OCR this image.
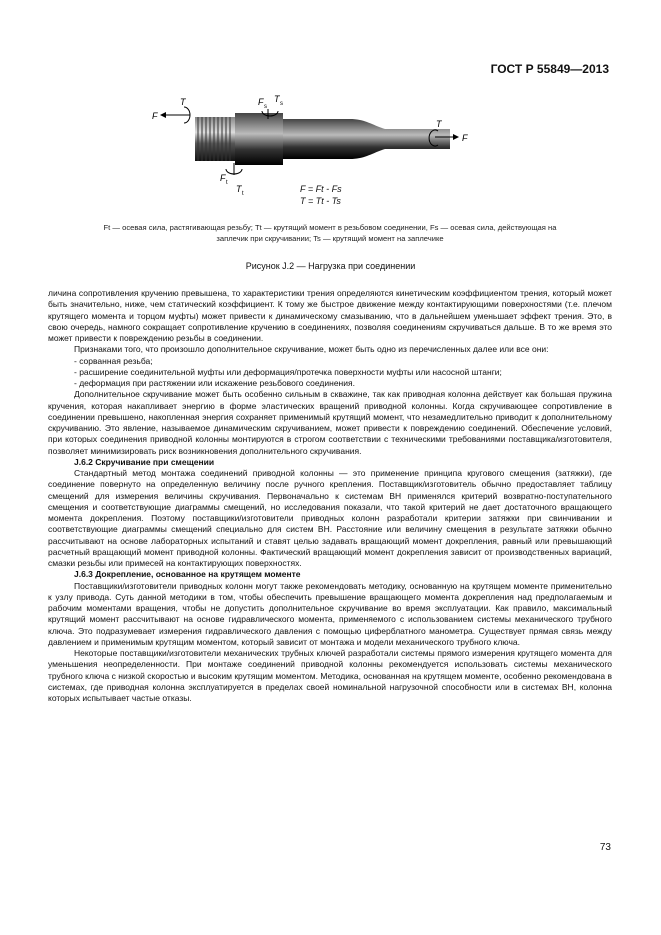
ГОСТ Р 55849—2013
F
T	F s
T s
F t
T t
T
F
F = Ft - Fs
T = Tt - Ts
Ft — осевая сила, растягивающая резьбу; Tt — крутящий момент в резьбовом соединении, Fs — осевая сила, действующая на
заплечик при скручивании; Ts — крутящий момент на заплечике
Рисунок J.2 — Нагрузка при соединении

личина сопротивления кручению превышена, то характеристики трения определяются кинетическим коэффициентом трения, который может быть значительно, ниже, чем статический коэффициент. К тому же быстрое движение между контактирующими поверхностями (т.е. плечом крутящего момента и торцом муфты) может привести к динамическому смазыванию, что в дальнейшем уменьшает эффект трения. Это, в свою очередь, намного сокращает сопротивление кручению в соединениях, позволяя соединениям скручиваться дальше. В то же время это может привести к повреждению резьбы в соединении.

Признаками того, что произошло дополнительное скручивание, может быть одно из перечисленных далее или все они:

- сорванная резьба;

- расширение соединительной муфты или деформация/протечка поверхности муфты или насосной штанги;

- деформация при растяжении или искажение резьбового соединения.

Дополнительное скручивание может быть особенно сильным в скважине, так как приводная колонна действует как большая пружина кручения, которая накапливает энергию в форме эластических вращений приводной колонны. Когда скручивающее сопротивление в соединении превышено, накопленная энергия сохраняет применимый крутящий момент, что незамедлительно приводит к дополнительному скручиванию. Это явление, называемое динамическим скручиванием, может привести к повреждению соединений. Обеспечение условий, при которых соединения приводной колонны монтируются в строгом соответствии с техническими требованиями поставщика/изготовителя, позволяет минимизировать риск возникновения дополнительного скручивания.

J.6.2 Скручивание при смещении

Стандартный метод монтажа соединений приводной колонны — это применение принципа кругового смещения (затяжки), где соединение повернуто на определенную величину после ручного крепления. Поставщик/изготовитель обычно предоставляет таблицу смещений для измерения величины скручивания. Первоначально к системам ВН применялся критерий возвратно-поступательного смещения и соответствующие диаграммы смещений, но исследования показали, что такой критерий не дает достаточного вращающего момента докрепления. Поэтому поставщики/изготовители приводных колонн разработали критерии затяжки при свинчивании и соответствующие диаграммы смещений специально для систем ВН. Расстояние или величину смещения в результате затяжки обычно рассчитывают на основе лабораторных испытаний и ставят целью задавать вращающий момент докрепления, равный или превышающий расчетный вращающий момент приводной колонны. Фактический вращающий момент докрепления зависит от производственных вариаций, смазки резьбы или примесей на контактирующих поверхностях.

J.6.3 Докрепление, основанное на крутящем моменте

Поставщики/изготовители приводных колонн могут также рекомендовать методику, основанную на крутящем моменте применительно к узлу привода. Суть данной методики в том, чтобы обеспечить превышение вращающего момента докрепления над предполагаемым и рабочим моментами вращения, чтобы не допустить дополнительное скручивание во время эксплуатации. Как правило, максимальный крутящий момент рассчитывают на основе гидравлического момента, применяемого с использованием системы механического трубного ключа. Это подразумевает измерения гидравлического давления с помощью циферблатного манометра. Существует прямая связь между давлением и применимым крутящим моментом, который зависит от монтажа и модели механического трубного ключа.

Некоторые поставщики/изготовители механических трубных ключей разработали системы прямого измерения крутящего момента для уменьшения неопределенности. При монтаже соединений приводной колонны рекомендуется использовать системы механического трубного ключа с низкой скоростью и высоким крутящим моментом. Методика, основанная на крутящем моменте, особенно рекомендована в системах, где приводная колонна эксплуатируется в пределах своей номинальной нагрузочной способности или в системах ВН, колонна которых испытывает частые отказы.

73
